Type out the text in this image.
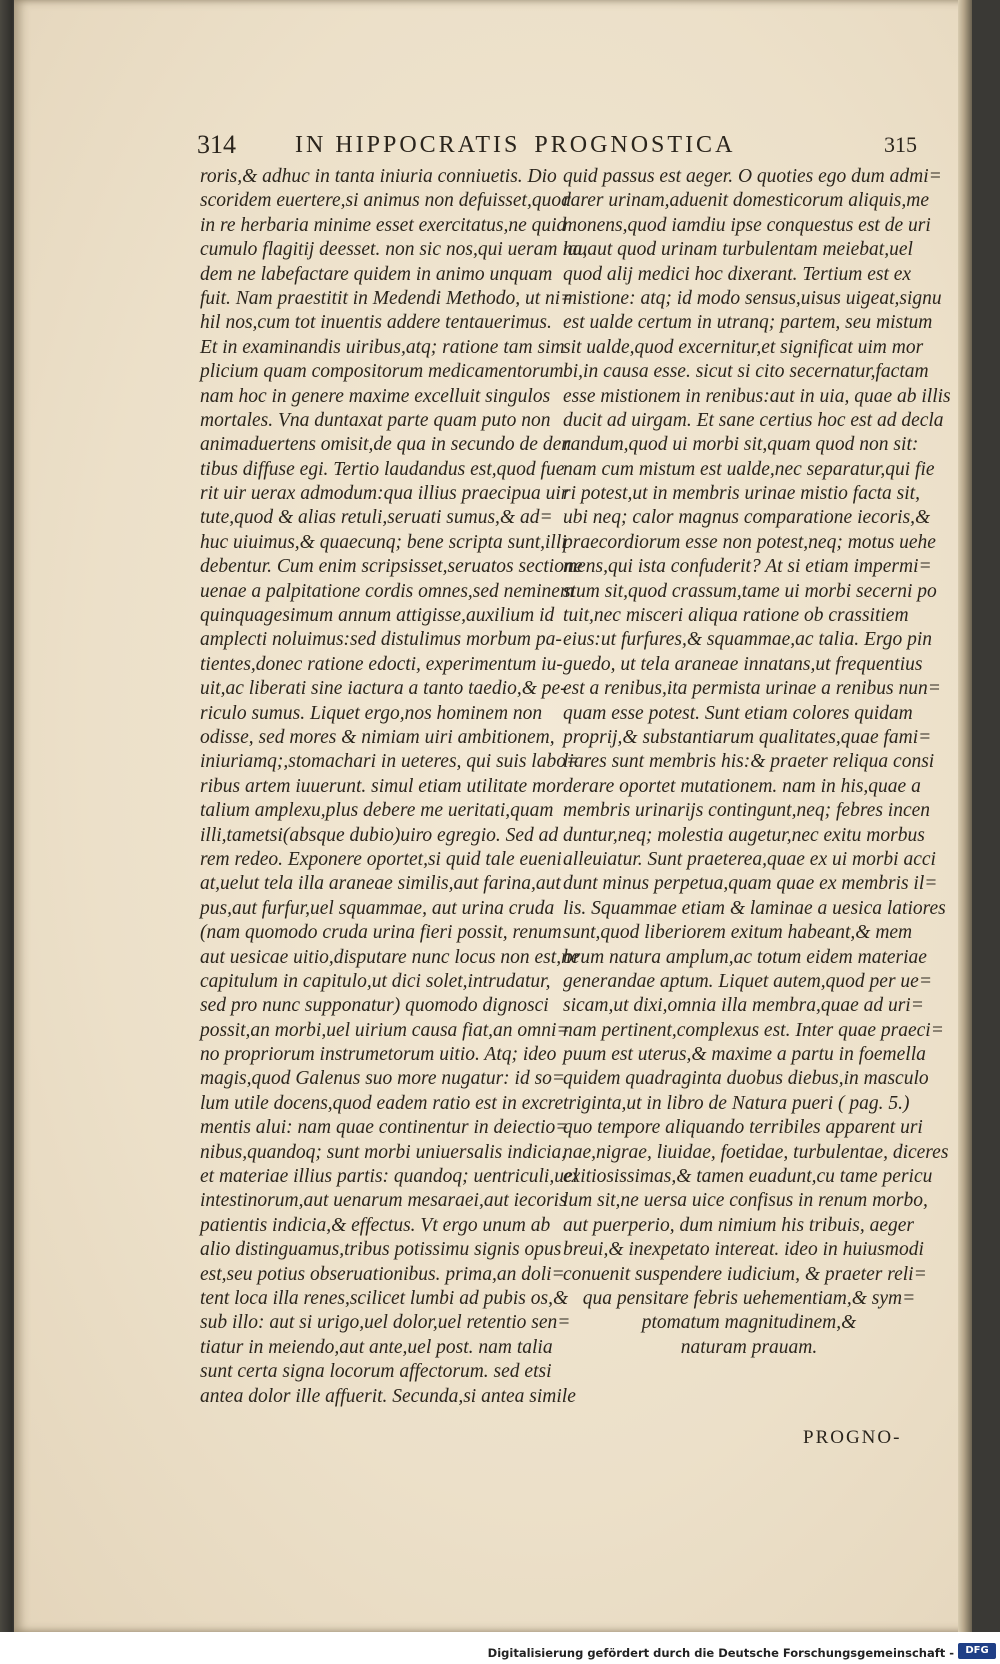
314 IN HIPPOCRATIS PROGNOSTICA	315
roris,& adhuc in tanta iniuria conniuetis. Dio
scoridem euertere,si animus non defuisset,quod
in re herbaria minime esset exercitatus,ne quid
cumulo flagitij deesset. non sic nos,qui ueram lau
dem ne labefactare quidem in animo unquam
fuit. Nam praestitit in Medendi Methodo, ut ni=
hil nos,cum tot inuentis addere tentauerimus.
Et in examinandis uiribus,atq; ratione tam sim
plicium quam compositorum medicamentorum.
nam hoc in genere maxime excelluit singulos
mortales. Vna duntaxat parte quam puto non
animaduertens omisit,de qua in secundo de den
tibus diffuse egi. Tertio laudandus est,quod fue
rit uir uerax admodum:qua illius praecipua uir
tute,quod & alias retuli,seruati sumus,& ad=
huc uiuimus,& quaecunq; bene scripta sunt,illi
debentur. Cum enim scripsisset,seruatos sectione
uenae a palpitatione cordis omnes,sed neminem
quinquagesimum annum attigisse,auxilium id
amplecti noluimus:sed distulimus morbum pa-
tientes,donec ratione edocti, experimentum iu-
uit,ac liberati sine iactura a tanto taedio,& pe-
riculo sumus. Liquet ergo,nos hominem non
odisse, sed mores & nimiam uiri ambitionem,
iniuriamq;,stomachari in ueteres, qui suis labo=
ribus artem iuuerunt. simul etiam utilitate mor
talium amplexu,plus debere me ueritati,quam
illi,tametsi(absque dubio)uiro egregio. Sed ad
rem redeo. Exponere oportet,si quid tale eueni
at,uelut tela illa araneae similis,aut farina,aut
pus,aut furfur,uel squammae, aut urina cruda
(nam quomodo cruda urina fieri possit, renum
aut uesicae uitio,disputare nunc locus non est,ne
capitulum in capitulo,ut dici solet,intrudatur,
sed pro nunc supponatur) quomodo dignosci
possit,an morbi,uel uirium causa fiat,an omni=
no propriorum instrumetorum uitio. Atq; ideo
magis,quod Galenus suo more nugatur: id so=
lum utile docens,quod eadem ratio est in excre
mentis alui: nam quae continentur in deiectio=
nibus,quandoq; sunt morbi uniuersalis indicia,
et materiae illius partis: quandoq; uentriculi,uel
intestinorum,aut uenarum mesaraei,aut iecoris
patientis indicia,& effectus. Vt ergo unum ab
alio distinguamus,tribus potissimu signis opus
est,seu potius obseruationibus. prima,an doli=
tent loca illa renes,scilicet lumbi ad pubis os,&
sub illo: aut si urigo,uel dolor,uel retentio sen=
tiatur in meiendo,aut ante,uel post. nam talia
sunt certa signa locorum affectorum. sed etsi
antea dolor ille affuerit. Secunda,si antea simile
quid passus est aeger. O quoties ego dum admi=
rarer urinam,aduenit domesticorum aliquis,me
monens,quod iamdiu ipse conquestus est de uri
na,aut quod urinam turbulentam meiebat,uel
quod alij medici hoc dixerant. Tertium est ex
mistione: atq; id modo sensus,uisus uigeat,signu
est ualde certum in utranq; partem, seu mistum
sit ualde,quod excernitur,et significat uim mor
bi,in causa esse. sicut si cito secernatur,factam
esse mistionem in renibus:aut in uia, quae ab illis
ducit ad uirgam. Et sane certius hoc est ad decla
randum,quod ui morbi sit,quam quod non sit:
nam cum mistum est ualde,nec separatur,qui fie
ri potest,ut in membris urinae mistio facta sit,
ubi neq; calor magnus comparatione iecoris,&
praecordiorum esse non potest,neq; motus uehe
mens,qui ista confuderit? At si etiam impermi=
stum sit,quod crassum,tame ui morbi secerni po
tuit,nec misceri aliqua ratione ob crassitiem
eius:ut furfures,& squammae,ac talia. Ergo pin
guedo, ut tela araneae innatans,ut frequentius
est a renibus,ita permista urinae a renibus nun=
quam esse potest. Sunt etiam colores quidam
proprij,& substantiarum qualitates,quae fami=
liares sunt membris his:& praeter reliqua consi
derare oportet mutationem. nam in his,quae a
membris urinarijs contingunt,neq; febres incen
duntur,neq; molestia augetur,nec exitu morbus
alleuiatur. Sunt praeterea,quae ex ui morbi acci
dunt minus perpetua,quam quae ex membris il=
lis. Squammae etiam & laminae a uesica latiores
sunt,quod liberiorem exitum habeant,& mem
brum natura amplum,ac totum eidem materiae
generandae aptum. Liquet autem,quod per ue=
sicam,ut dixi,omnia illa membra,quae ad uri=
nam pertinent,complexus est. Inter quae praeci=
puum est uterus,& maxime a partu in foemella
quidem quadraginta duobus diebus,in masculo
triginta,ut in libro de Natura pueri ( pag. 5.)
quo tempore aliquando terribiles apparent uri
nae,nigrae, liuidae, foetidae, turbulentae, diceres
exitiosissimas,& tamen euadunt,cu tame pericu
lum sit,ne uersa uice confisus in renum morbo,
aut puerperio, dum nimium his tribuis, aeger
breui,& inexpetato intereat. ideo in huiusmodi
conuenit suspendere iudicium, & praeter reli=
qua pensitare febris uehementiam,& sym=
ptomatum magnitudinem,&
naturam prauam.
PROGNO-
Digitalisierung gefördert durch die Deutsche Forschungsgemeinschaft -	DFG
